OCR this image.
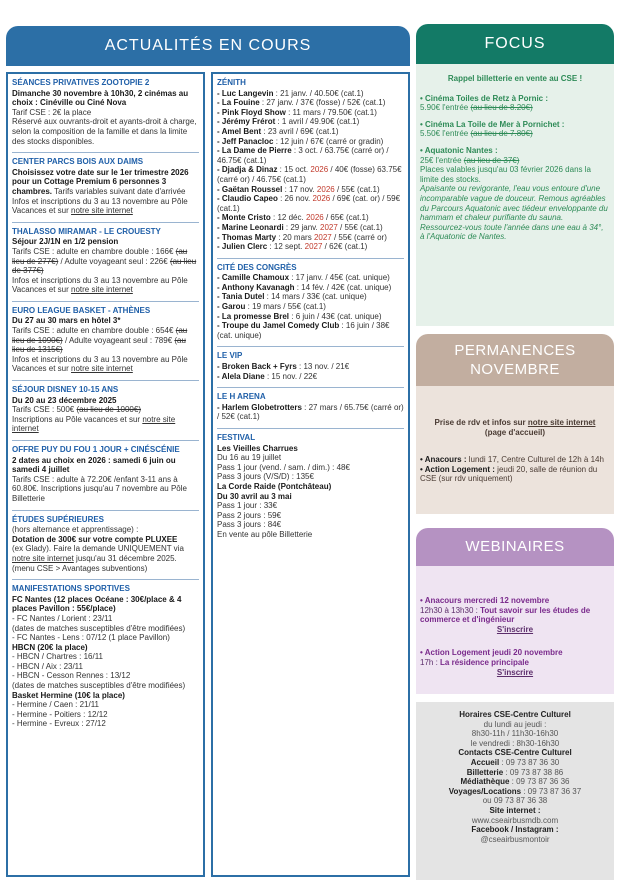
ACTUALITÉS EN COURS	FOCUS
SÉANCES PRIVATIVES ZOOTOPIE 2
Dimanche 30 novembre à 10h30, 2 cinémas au choix : Cinéville ou Ciné Nova
Tarif CSE : 2€ la place
Réservé aux ouvrants-droit et ayants-droit à charge, selon la composition de la famille et dans la limite des stocks disponibles.
CENTER PARCS BOIS AUX DAIMS
Choisissez votre date sur le 1er trimestre 2026 pour un Cottage Premium 6 personnes 3 chambres. Tarifs variables suivant date d'arrivée
Infos et inscriptions du 3 au 13 novembre au Pôle Vacances et sur notre site internet
THALASSO MIRAMAR - LE CROUESTY
Séjour 2J/1N en 1/2 pension
Tarifs CSE : adulte en chambre double : 166€ (au lieu de 277€) / Adulte voyageant seul : 226€ (au lieu de 377€)
Infos et inscriptions du 3 au 13 novembre au Pôle Vacances et sur notre site internet
EURO LEAGUE BASKET - ATHÈNES
Du 27 au 30 mars en hôtel 3*
Tarifs CSE : adulte en chambre double : 654€ (au lieu de 1090€) / Adulte voyageant seul : 789€ (au lieu de 1315€)
Infos et inscriptions du 3 au 13 novembre au Pôle Vacances et sur notre site internet
SÉJOUR DISNEY 10-15 ANS
Du 20 au 23 décembre 2025
Tarifs CSE : 500€ (au lieu de 1000€)
Inscriptions au Pôle vacances et sur notre site internet
OFFRE PUY DU FOU 1 JOUR + CINÉSCÉNIE
2 dates au choix en 2026 : samedi 6 juin ou samedi 4 juillet
Tarifs CSE : adulte à 72.20€ /enfant 3-11 ans à 60.80€. Inscriptions jusqu'au 7 novembre au Pôle Billetterie
ÉTUDES SUPÉRIEURES
(hors alternance et apprentissage) :
Dotation de 300€ sur votre compte PLUXEE
(ex Glady). Faire la demande UNIQUEMENT via notre site internet jusqu'au 31 décembre 2025. (menu CSE > Avantages subventions)
MANIFESTATIONS SPORTIVES
FC Nantes (12 places Océane : 30€/place & 4 places Pavillon : 55€/place)
- FC Nantes / Lorient : 23/11
(dates de matches susceptibles d'être modifiées)
- FC Nantes - Lens : 07/12 (1 place Pavillon)
HBCN (20€ la place)
- HBCN / Chartres : 16/11
- HBCN / Aix : 23/11
- HBCN - Cesson Rennes : 13/12
(dates de matches susceptibles d'être modifiées)
Basket Hermine (10€ la place)
- Hermine / Caen : 21/11
- Hermine - Poitiers : 12/12
- Hermine - Evreux : 27/12
ZÉNITH
- Luc Langevin : 21 janv. / 40.50€ (cat.1)
- La Fouine : 27 janv. / 37€ (fosse) / 52€ (cat.1)
- Pink Floyd Show : 11 mars / 79.50€ (cat.1)
- Jérémy Frérot : 1 avril / 49.90€ (cat.1)
- Amel Bent : 23 avril / 69€ (cat.1)
- Jeff Panacloc : 12 juin / 67€ (carré or gradin)
- La Dame de Pierre : 3 oct. / 63.75€ (carré or) / 46.75€ (cat.1)
- Djadja & Dinaz : 15 oct. 2026 / 40€ (fosse) 63.75€ (carré or) / 46.75€ (cat.1)
- Gaëtan Roussel : 17 nov. 2026 / 55€ (cat.1)
- Claudio Capeo : 26 nov. 2026 / 69€ (cat. or) / 59€ (cat.1)
- Monte Cristo : 12 déc. 2026 / 65€ (cat.1)
- Marine Leonardi : 29 janv. 2027 / 55€ (cat.1)
- Thomas Marty : 20 mars 2027 / 55€ (carré or)
- Julien Clerc : 12 sept. 2027 / 62€ (cat.1)
CITÉ DES CONGRÈS
- Camille Chamoux : 17 janv. / 45€ (cat. unique)
- Anthony Kavanagh : 14 fév. / 42€ (cat. unique)
- Tania Dutel : 14 mars / 33€ (cat. unique)
- Garou : 19 mars / 55€ (cat.1)
- La promesse Brel : 6 juin / 43€ (cat. unique)
- Troupe du Jamel Comedy Club : 16 juin / 38€ (cat. unique)
LE VIP
- Broken Back + Fyrs : 13 nov. / 21€
- Alela Diane : 15 nov. / 22€
LE H ARENA
- Harlem Globetrotters : 27 mars / 65.75€ (carré or) / 52€ (cat.1)
FESTIVAL
Les Vieilles Charrues
Du 16 au 19 juillet
Pass 1 jour (vend. / sam. / dim.) : 48€
Pass 3 jours (V/S/D) : 135€
La Corde Raide (Pontchâteau)
Du 30 avril au 3 mai
Pass 1 jour : 33€
Pass 2 jours : 59€
Pass 3 jours : 84€
En vente au pôle Billetterie

Rappel billetterie en vente au CSE !

• Cinéma Toiles de Retz à Pornic :
5.90€ l'entrée (au lieu de 8.20€)

• Cinéma La Toile de Mer à Pornichet :
5.50€ l'entrée (au lieu de 7.80€)

• Aquatonic Nantes :
25€ l'entrée (au lieu de 37€)
Places valables jusqu'au 03 février 2026 dans la limite des stocks.
Apaisante ou revigorante, l'eau vous entoure d'une incomparable vague de douceur. Remous agréables du Parcours Aquatonic avec tiédeur enveloppante du hammam et chaleur purifiante du sauna.
Ressourcez-vous toute l'année dans une eau à 34°, à l'Aquatonic de Nantes.

PERMANENCES
NOVEMBRE
Prise de rdv et infos sur notre site internet
(page d'accueil)
• Anacours : lundi 17, Centre Culturel de 12h à 14h
• Action Logement : jeudi 20, salle de réunion du CSE (sur rdv uniquement)
WEBINAIRES
• Anacours mercredi 12 novembre
12h30 à 13h30 : Tout savoir sur les études de commerce et d'ingénieur
S'inscrire
• Action Logement jeudi 20 novembre
17h : La résidence principale
S'inscrire
Horaires CSE-Centre Culturel
du lundi au jeudi :
8h30-11h / 11h30-16h30
le vendredi : 8h30-16h30
Contacts CSE-Centre Culturel
Accueil : 09 73 87 36 30
Billetterie : 09 73 87 38 86
Médiathèque : 09 73 87 36 36
Voyages/Locations : 09 73 87 36 37
ou 09 73 87 36 38
Site internet :
www.cseairbusmdb.com
Facebook / Instagram :
@cseairbusmontoir
